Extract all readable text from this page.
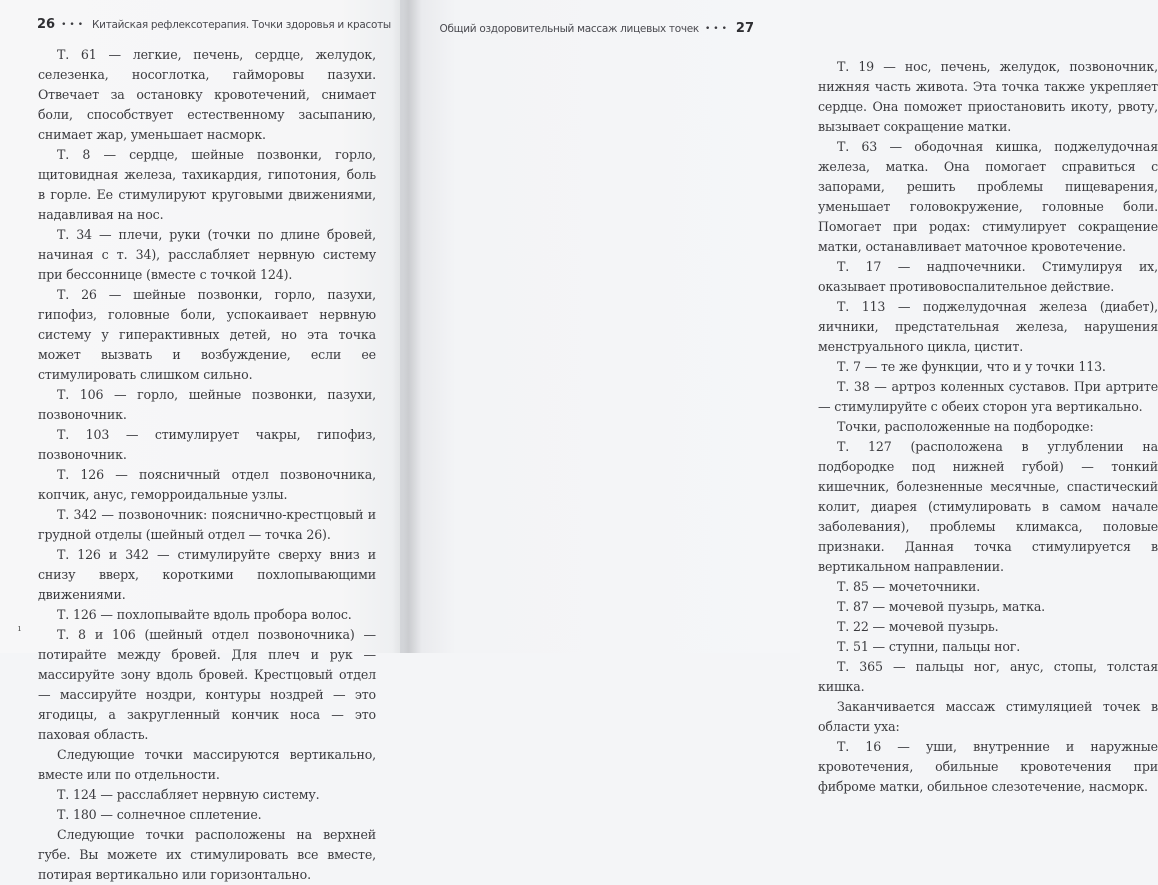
26 ••• Китайская рефлексотерапия. Точки здоровья и красоты

Т. 61 — легкие, печень, сердце, желудок, селезенка, носоглотка, гайморовы пазухи. Отвечает за остановку кровотечений, снимает боли, способствует естественному засыпанию, снимает жар, уменьшает насморк.

Т. 8 — сердце, шейные позвонки, горло, щитовидная железа, тахикардия, гипотония, боль в горле. Ее стимулируют круговыми движениями, надавливая на нос.

Т. 34 — плечи, руки (точки по длине бровей, начиная с т. 34), расслабляет нервную систему при бессоннице (вместе с точкой 124).

Т. 26 — шейные позвонки, горло, пазухи, гипофиз, головные боли, успокаивает нервную систему у гиперактивных детей, но эта точка может вызвать и возбуждение, если ее стимулировать слишком сильно.

Т. 106 — горло, шейные позвонки, пазухи, позвоночник.

Т. 103 — стимулирует чакры, гипофиз, позвоночник.

Т. 126 — поясничный отдел позвоночника, копчик, анус, геморроидальные узлы.

Т. 342 — позвоночник: пояснично-крестцовый и грудной отделы (шейный отдел — точка 26).

Т. 126 и 342 — стимулируйте сверху вниз и снизу вверх, короткими похлопывающими движениями.

Т. 126 — похлопывайте вдоль пробора волос.

Т. 8 и 106 (шейный отдел позвоночника) — потирайте между бровей. Для плеч и рук — массируйте зону вдоль бровей. Крестцовый отдел — массируйте ноздри, контуры ноздрей — это ягодицы, а закругленный кончик носа — это паховая область.

Следующие точки массируются вертикально, вместе или по отдельности.

Т. 124 — расслабляет нервную систему.

Т. 180 — солнечное сплетение.

Следующие точки расположены на верхней губе. Вы можете их стимулировать все вместе, потирая вертикально или горизонтально.

ı
Общий оздоровительный массаж лицевых точек ••• 27

Т. 19 — нос, печень, желудок, позвоночник, нижняя часть живота. Эта точка также укрепляет сердце. Она поможет приостановить икоту, рвоту, вызывает сокращение матки.

Т. 63 — ободочная кишка, поджелудочная железа, матка. Она помогает справиться с запорами, решить проблемы пищеварения, уменьшает головокружение, головные боли. Помогает при родах: стимулирует сокращение матки, останавливает маточное кровотечение.

Т. 17 — надпочечники. Стимулируя их, оказывает противовоспалительное действие.

Т. 113 — поджелудочная железа (диабет), яичники, предстательная железа, нарушения менструального цикла, цистит.

Т. 7 — те же функции, что и у точки 113.

Т. 38 — артроз коленных суставов. При артрите — стимулируйте с обеих сторон уга вертикально.

Точки, расположенные на подбородке:

Т. 127 (расположена в углублении на подбородке под нижней губой) — тонкий кишечник, болезненные месячные, спастический колит, диарея (стимулировать в самом начале заболевания), проблемы климакса, половые признаки. Данная точка стимулируется в вертикальном направлении.

Т. 85 — мочеточники.

Т. 87 — мочевой пузырь, матка.

Т. 22 — мочевой пузырь.

Т. 51 — ступни, пальцы ног.

Т. 365 — пальцы ног, анус, стопы, толстая кишка.

Заканчивается массаж стимуляцией точек в области уха:

Т. 16 — уши, внутренние и наружные кровотечения, обильные кровотечения при фиброме матки, обильное слезотечение, насморк.
